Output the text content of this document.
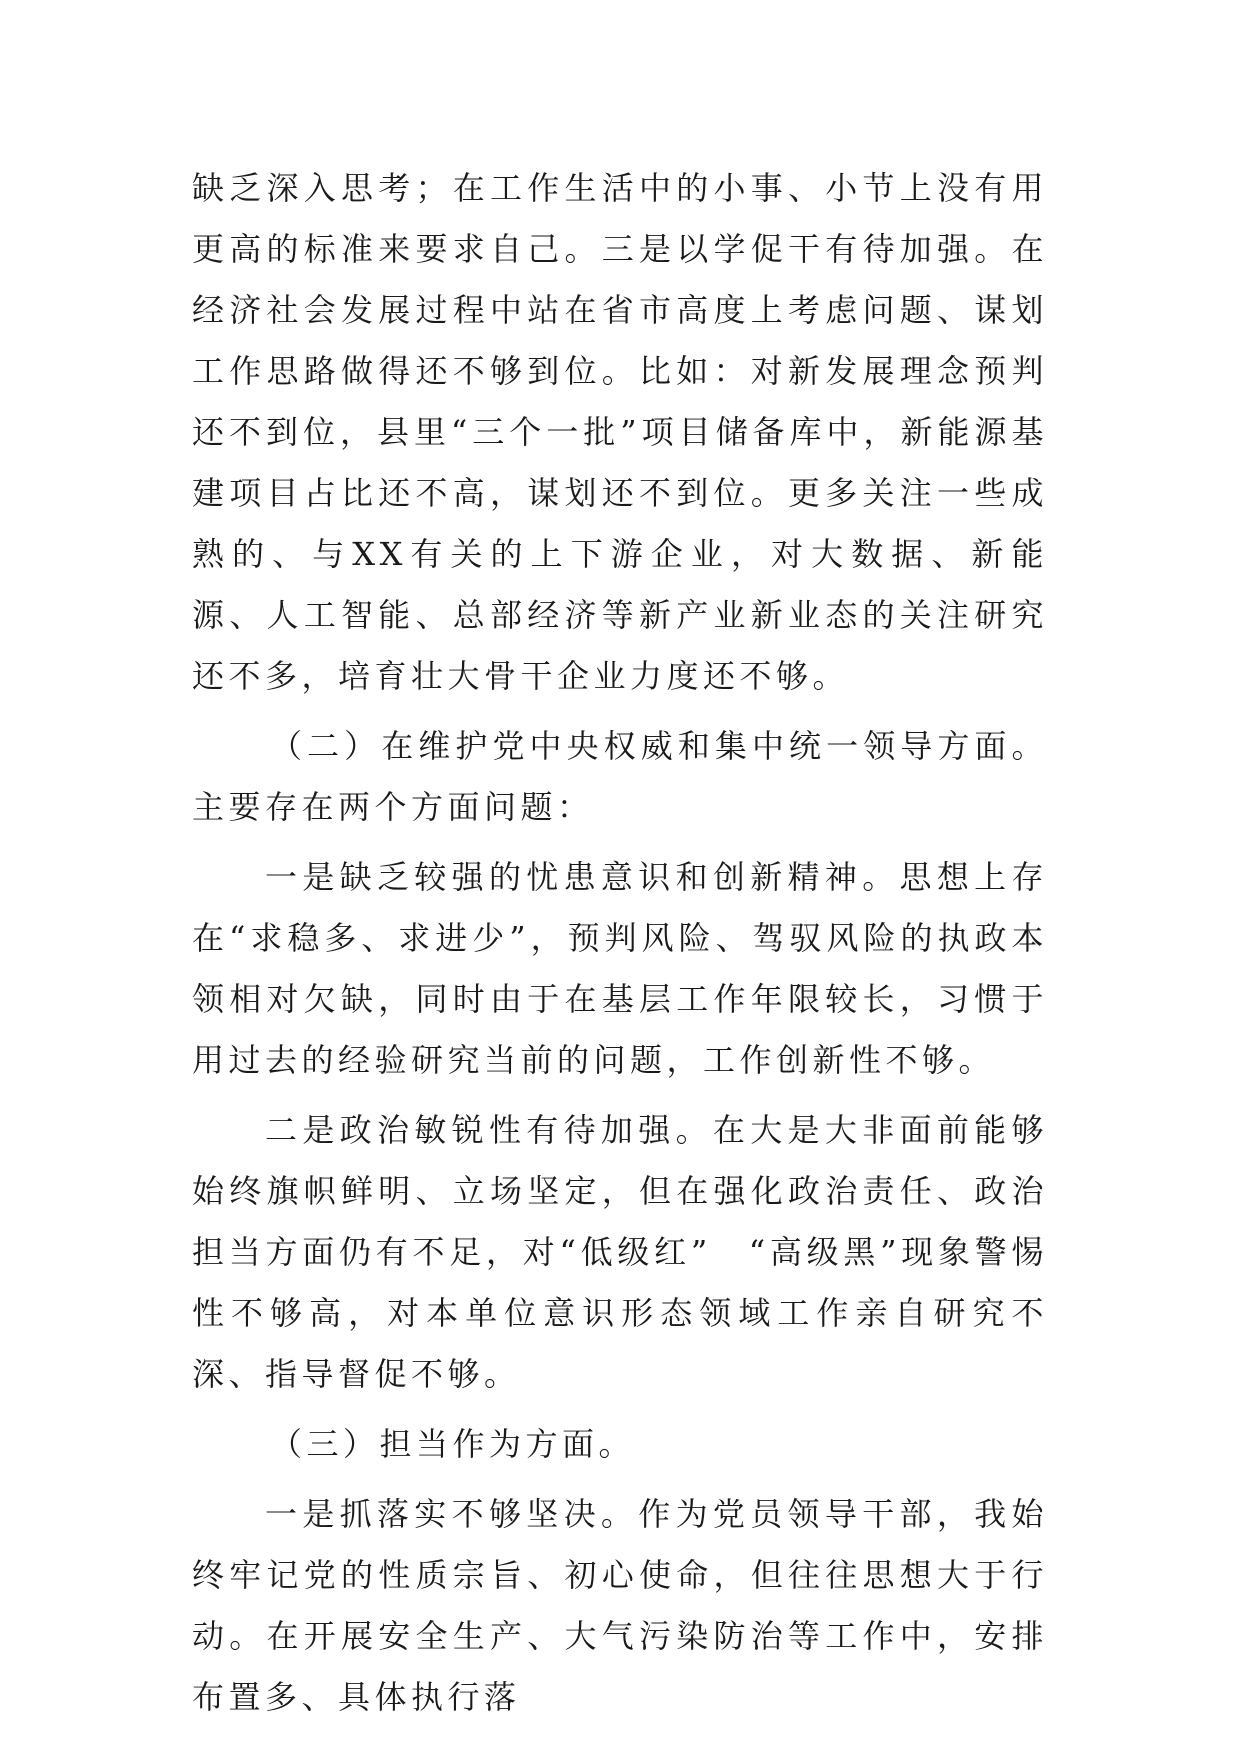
缺乏深入思考；在工作生活中的小事、小节上没有用更高的标准来要求自己。三是以学促干有待加强。在经济社会发展过程中站在省市高度上考虑问题、谋划工作思路做得还不够到位。比如：对新发展理念预判还不到位，县里“三个一批”项目储备库中，新能源基建项目占比还不高，谋划还不到位。更多关注一些成熟的、与XX有关的上下游企业，对大数据、新能源、人工智能、总部经济等新产业新业态的关注研究还不多，培育壮大骨干企业力度还不够。

（二）在维护党中央权威和集中统一领导方面。主要存在两个方面问题：

一是缺乏较强的忧患意识和创新精神。思想上存在“求稳多、求进少”，预判风险、驾驭风险的执政本领相对欠缺，同时由于在基层工作年限较长，习惯于用过去的经验研究当前的问题，工作创新性不够。

二是政治敏锐性有待加强。在大是大非面前能够始终旗帜鲜明、立场坚定，但在强化政治责任、政治担当方面仍有不足，对“低级红”　“高级黑”现象警惕性不够高，对本单位意识形态领域工作亲自研究不深、指导督促不够。

（三）担当作为方面。

一是抓落实不够坚决。作为党员领导干部，我始终牢记党的性质宗旨、初心使命，但往往思想大于行动。在开展安全生产、大气污染防治等工作中，安排布置多、具体执行落
